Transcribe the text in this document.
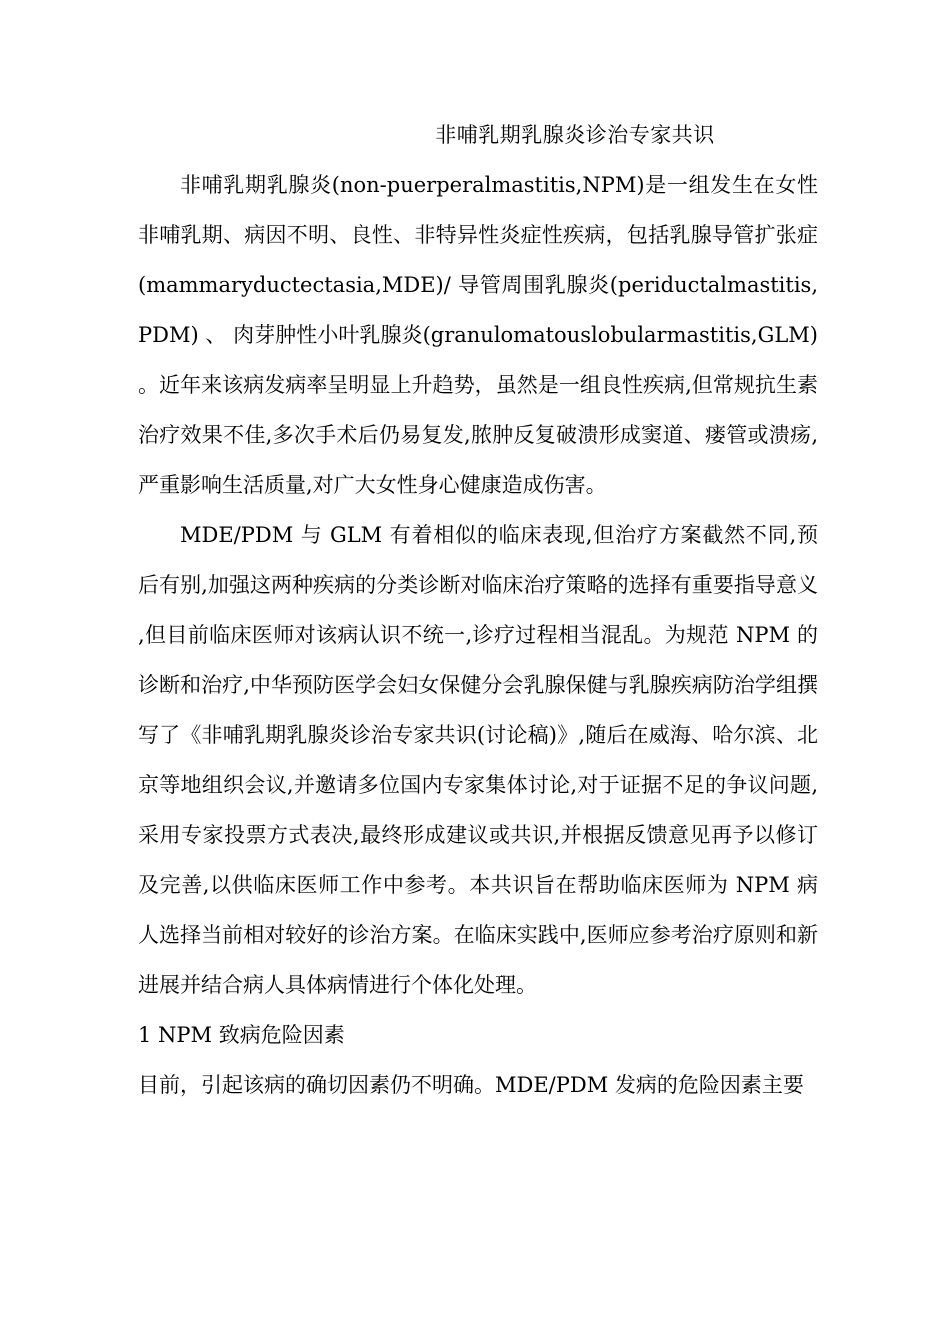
非哺乳期乳腺炎诊治专家共识

非哺乳期乳腺炎(non-puerperalmastitis,NPM)是一组发生在女性非哺乳期、病因不明、良性、非特异性炎症性疾病，包括乳腺导管扩张症 (mammaryductectasia,MDE)/ 导管周围乳腺炎(periductalmastitis,PDM) 、 肉芽肿性小叶乳腺炎(granulomatouslobularmastitis,GLM)。近年来该病发病率呈明显上升趋势，虽然是一组良性疾病,但常规抗生素治疗效果不佳,多次手术后仍易复发,脓肿反复破溃形成窦道、瘘管或溃疡,严重影响生活质量,对广大女性身心健康造成伤害。

MDE/PDM 与 GLM 有着相似的临床表现,但治疗方案截然不同,预后有别,加强这两种疾病的分类诊断对临床治疗策略的选择有重要指导意义,但目前临床医师对该病认识不统一,诊疗过程相当混乱。为规范 NPM 的诊断和治疗,中华预防医学会妇女保健分会乳腺保健与乳腺疾病防治学组撰写了《非哺乳期乳腺炎诊治专家共识(讨论稿)》,随后在威海、哈尔滨、北京等地组织会议,并邀请多位国内专家集体讨论,对于证据不足的争议问题,采用专家投票方式表决,最终形成建议或共识,并根据反馈意见再予以修订及完善,以供临床医师工作中参考。本共识旨在帮助临床医师为 NPM 病人选择当前相对较好的诊治方案。在临床实践中,医师应参考治疗原则和新进展并结合病人具体病情进行个体化处理。

1 NPM 致病危险因素

目前，引起该病的确切因素仍不明确。MDE/PDM 发病的危险因素主要
